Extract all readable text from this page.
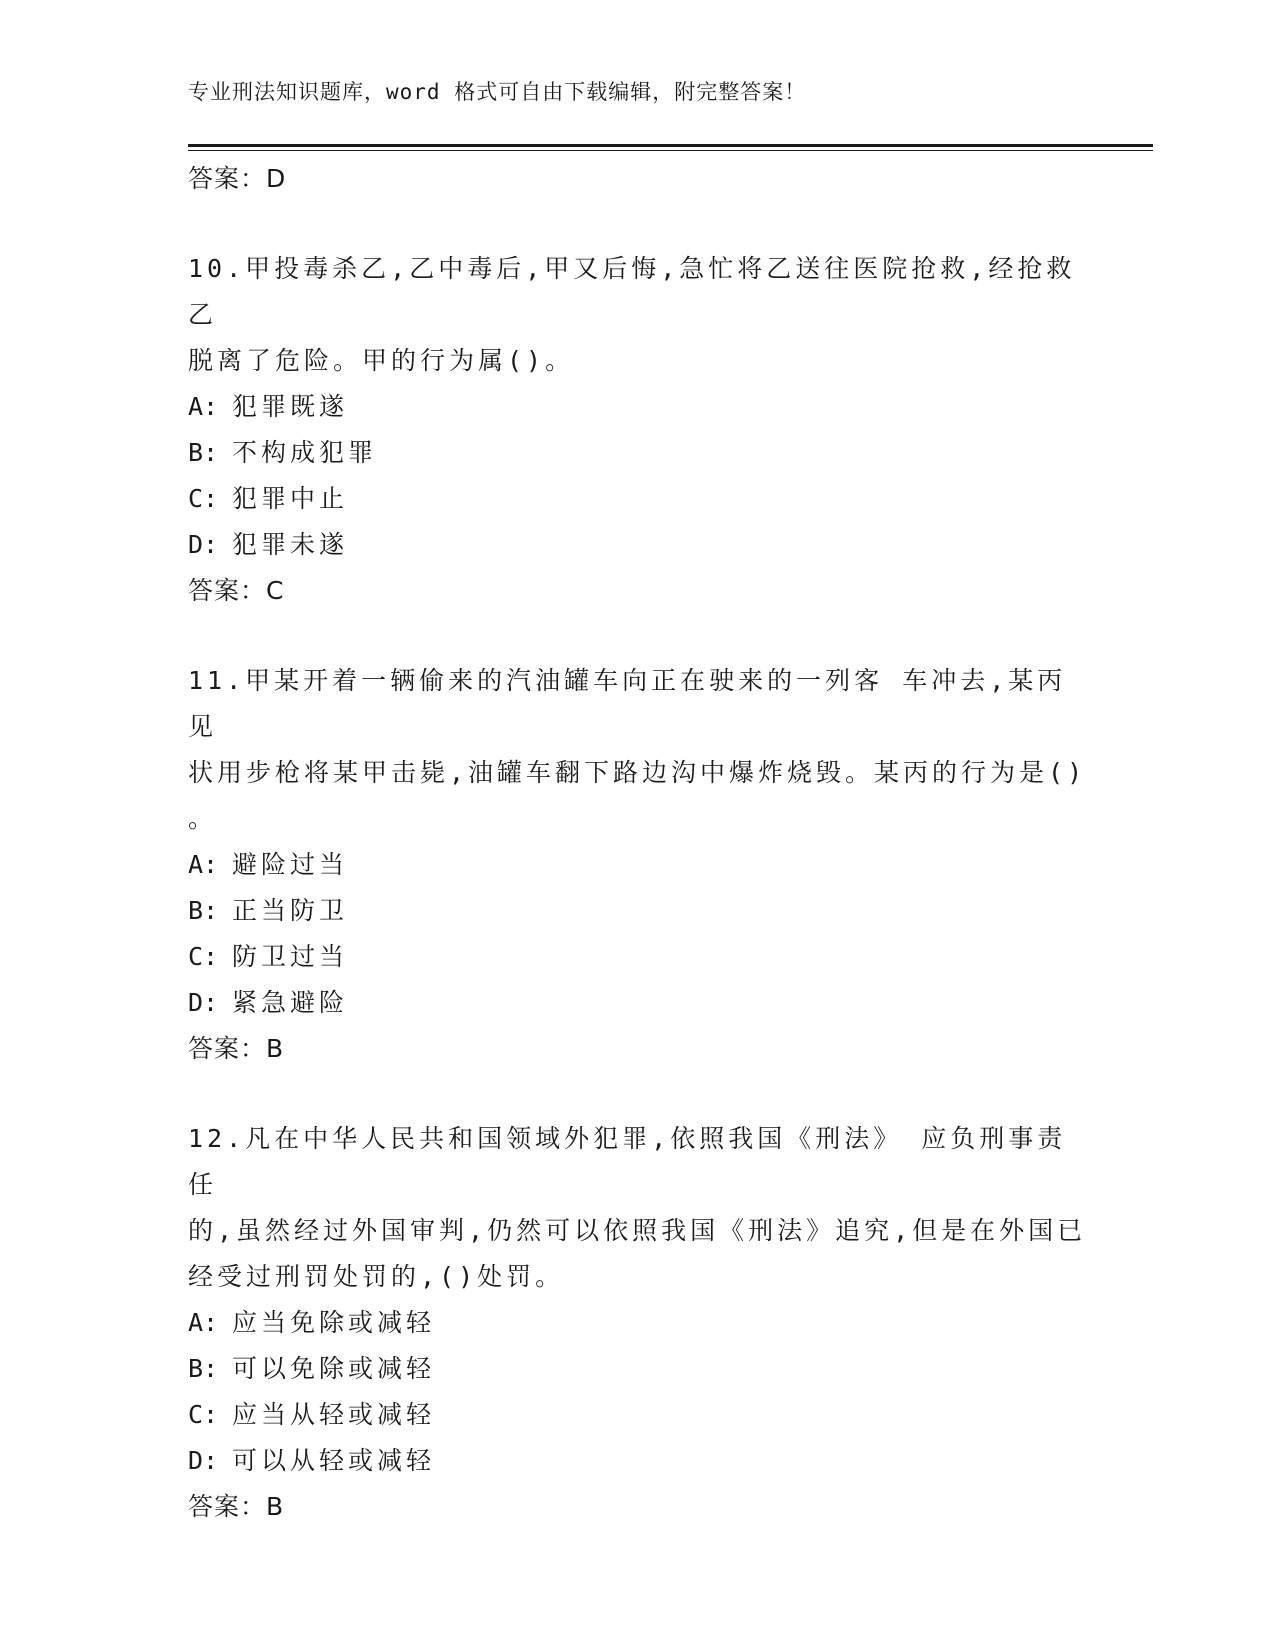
专业刑法知识题库，word 格式可自由下载编辑，附完整答案！
答案：D
10.甲投毒杀乙,乙中毒后,甲又后悔,急忙将乙送往医院抢救,经抢救乙
脱离了危险。甲的行为属()。
A: 犯罪既遂
B: 不构成犯罪
C: 犯罪中止
D: 犯罪未遂
答案：C
11.甲某开着一辆偷来的汽油罐车向正在驶来的一列客 车冲去,某丙见
状用步枪将某甲击毙,油罐车翻下路边沟中爆炸烧毁。某丙的行为是()
。
A: 避险过当
B: 正当防卫
C: 防卫过当
D: 紧急避险
答案：B
12.凡在中华人民共和国领域外犯罪,依照我国《刑法》 应负刑事责任
的,虽然经过外国审判,仍然可以依照我国《刑法》追究,但是在外国已
经受过刑罚处罚的,()处罚。
A: 应当免除或减轻
B: 可以免除或减轻
C: 应当从轻或减轻
D: 可以从轻或减轻
答案：B
